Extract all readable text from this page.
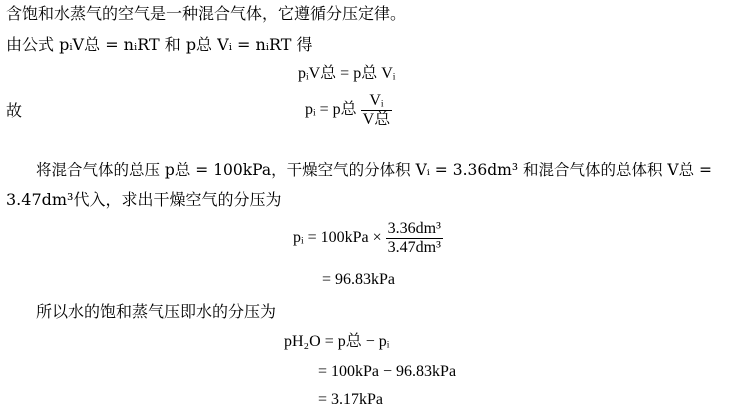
含饱和水蒸气的空气是一种混合气体，它遵循分压定律。
由公式 pᵢV总 = nᵢRT 和 p总 Vᵢ = nᵢRT 得
pᵢV总 = p总 Vᵢ
故	pᵢ = p总 $\frac{\text{Vᵢ}}{\text{V总}}$
将混合气体的总压 p总 = 100kPa，干燥空气的分体积 Vᵢ = 3.36dm³ 和混合气体的总体积 V总 =
3.47dm³代入，求出干燥空气的分压为
pᵢ = $100kPa \times \frac{\text{3.36dm³}}{\text{3.47dm³}}$
= 96.83kPa
所以水的饱和蒸气压即水的分压为
pH₂O = p总 − pᵢ
= 100kPa − 96.83kPa
= 3.17kPa
